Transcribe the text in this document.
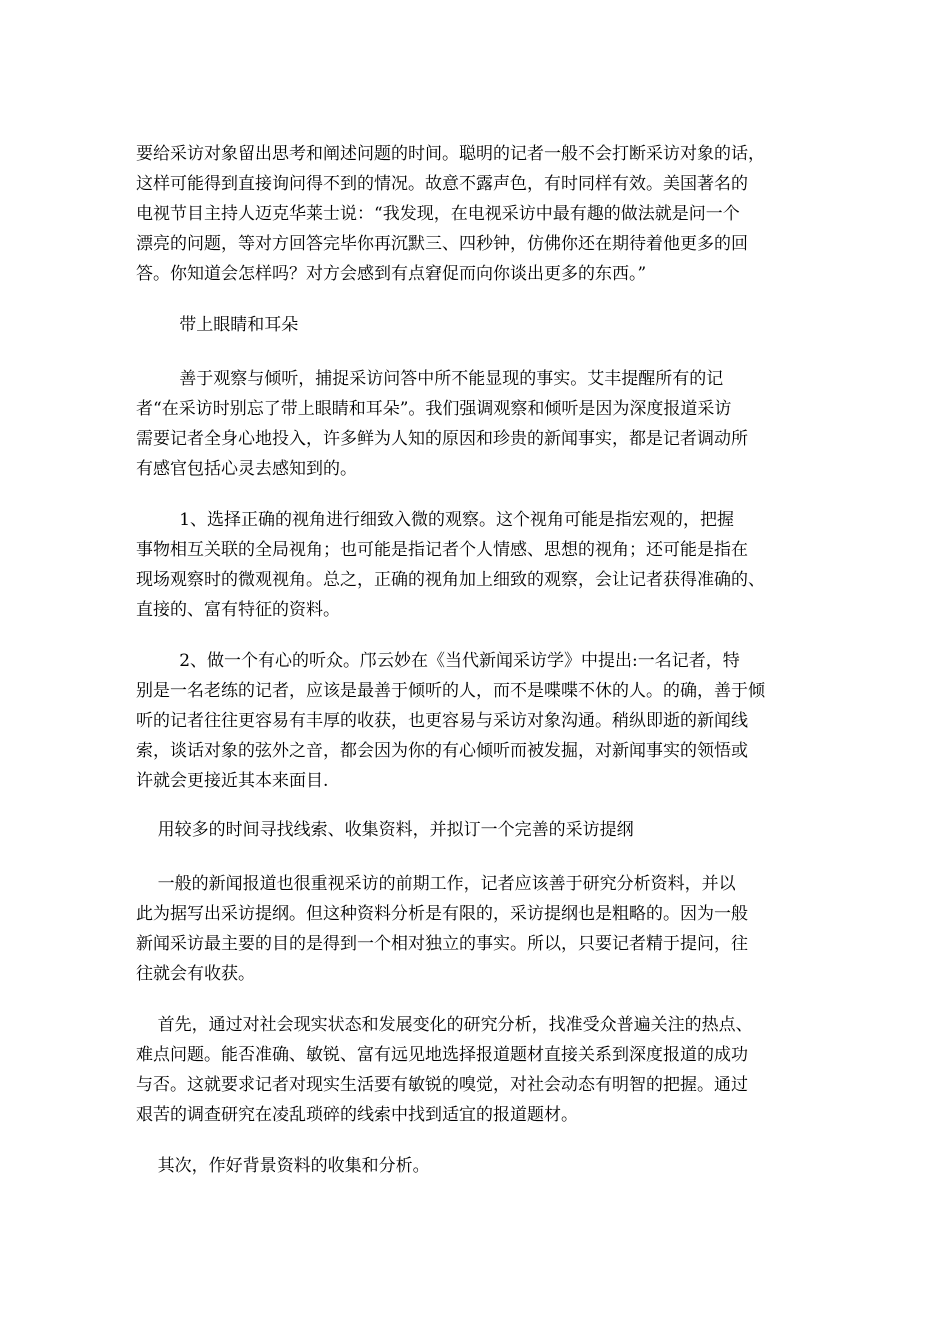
要给采访对象留出思考和阐述问题的时间。聪明的记者一般不会打断采访对象的话，
这样可能得到直接询问得不到的情况。故意不露声色，有时同样有效。美国著名的
电视节目主持人迈克华莱士说：“我发现，在电视采访中最有趣的做法就是问一个
漂亮的问题，等对方回答完毕你再沉默三、四秒钟，仿佛你还在期待着他更多的回
答。你知道会怎样吗？对方会感到有点窘促而向你谈出更多的东西。”
带上眼睛和耳朵
善于观察与倾听，捕捉采访问答中所不能显现的事实。艾丰提醒所有的记
者“在采访时别忘了带上眼睛和耳朵”。我们强调观察和倾听是因为深度报道采访
需要记者全身心地投入，许多鲜为人知的原因和珍贵的新闻事实，都是记者调动所
有感官包括心灵去感知到的。
1、选择正确的视角进行细致入微的观察。这个视角可能是指宏观的，把握
事物相互关联的全局视角；也可能是指记者个人情感、思想的视角；还可能是指在
现场观察时的微观视角。总之，正确的视角加上细致的观察，会让记者获得准确的、
直接的、富有特征的资料。
2、做一个有心的听众。邝云妙在《当代新闻采访学》中提出:一名记者，特
别是一名老练的记者，应该是最善于倾听的人，而不是喋喋不休的人。的确，善于倾
听的记者往往更容易有丰厚的收获，也更容易与采访对象沟通。稍纵即逝的新闻线
索，谈话对象的弦外之音，都会因为你的有心倾听而被发掘，对新闻事实的领悟或
许就会更接近其本来面目.
用较多的时间寻找线索、收集资料，并拟订一个完善的采访提纲
一般的新闻报道也很重视采访的前期工作，记者应该善于研究分析资料，并以
此为据写出采访提纲。但这种资料分析是有限的，采访提纲也是粗略的。因为一般
新闻采访最主要的目的是得到一个相对独立的事实。所以，只要记者精于提问，往
往就会有收获。
首先，通过对社会现实状态和发展变化的研究分析，找准受众普遍关注的热点、
难点问题。能否准确、敏锐、富有远见地选择报道题材直接关系到深度报道的成功
与否。这就要求记者对现实生活要有敏锐的嗅觉，对社会动态有明智的把握。通过
艰苦的调查研究在凌乱琐碎的线索中找到适宜的报道题材。
其次，作好背景资料的收集和分析。
